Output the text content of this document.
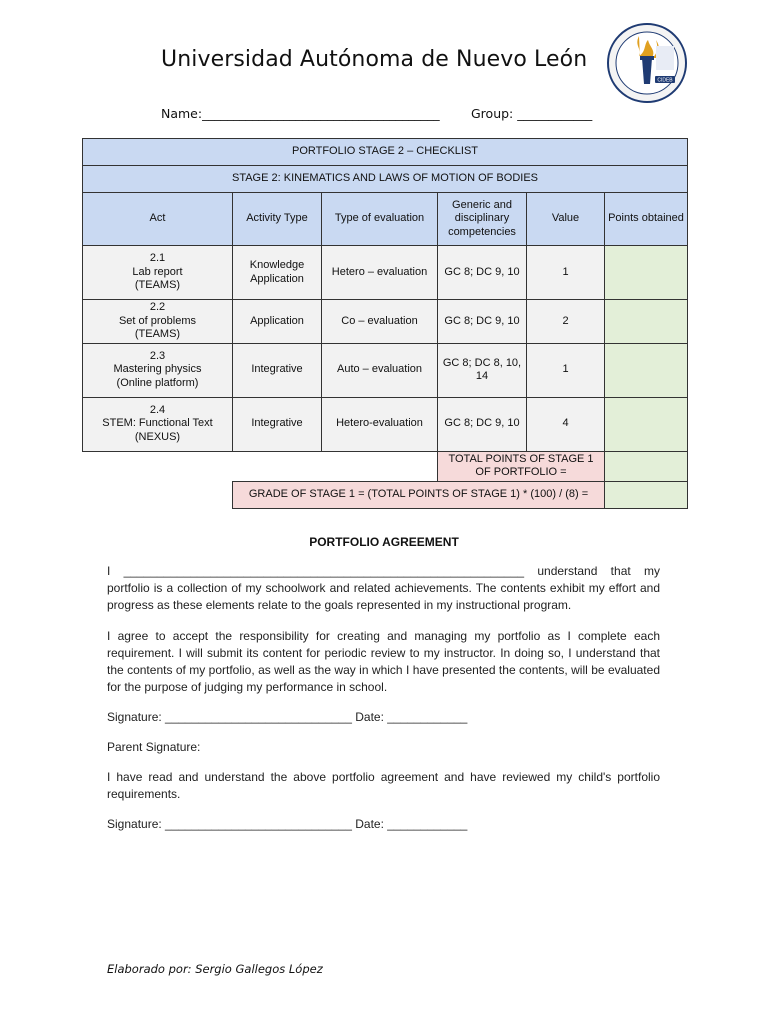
Universidad Autónoma de Nuevo León
CIDEB
Name:______________________________________	Group: ____________
PORTFOLIO STAGE 2 – CHECKLIST					
STAGE 2: KINEMATICS AND LAWS OF MOTION OF BODIES					
Act	Activity Type	Type of evaluation	Generic and disciplinary competencies	Value	Points obtained

2.1
Lab report
(TEAMS)	Knowledge Application	Hetero – evaluation	GC 8; DC 9, 10	1	

2.2
Set of problems
(TEAMS)	Application	Co – evaluation	GC 8; DC 9, 10	2	

2.3
Mastering physics
(Online platform)	Integrative	Auto – evaluation	GC 8; DC 8, 10, 14	1	

2.4
STEM: Functional Text
(NEXUS)	Integrative	Hetero-evaluation	GC 8; DC 9, 10	4	
			TOTAL POINTS OF STAGE 1 OF PORTFOLIO =		
	GRADE OF STAGE 1 = (TOTAL POINTS OF STAGE 1) * (100) / (8) =				
PORTFOLIO AGREEMENT
I ____________________________________________________________ understand that my portfolio is a collection of my schoolwork and related achievements. The contents exhibit my effort and progress as these elements relate to the goals represented in my instructional program.
I agree to accept the responsibility for creating and managing my portfolio as I complete each requirement. I will submit its content for periodic review to my instructor. In doing so, I understand that the contents of my portfolio, as well as the way in which I have presented the contents, will be evaluated for the purpose of judging my performance in school.
Signature: ____________________________ Date: ____________
Parent Signature:
I have read and understand the above portfolio agreement and have reviewed my child's portfolio requirements.
Signature: ____________________________ Date: ____________
Elaborado por: Sergio Gallegos López
